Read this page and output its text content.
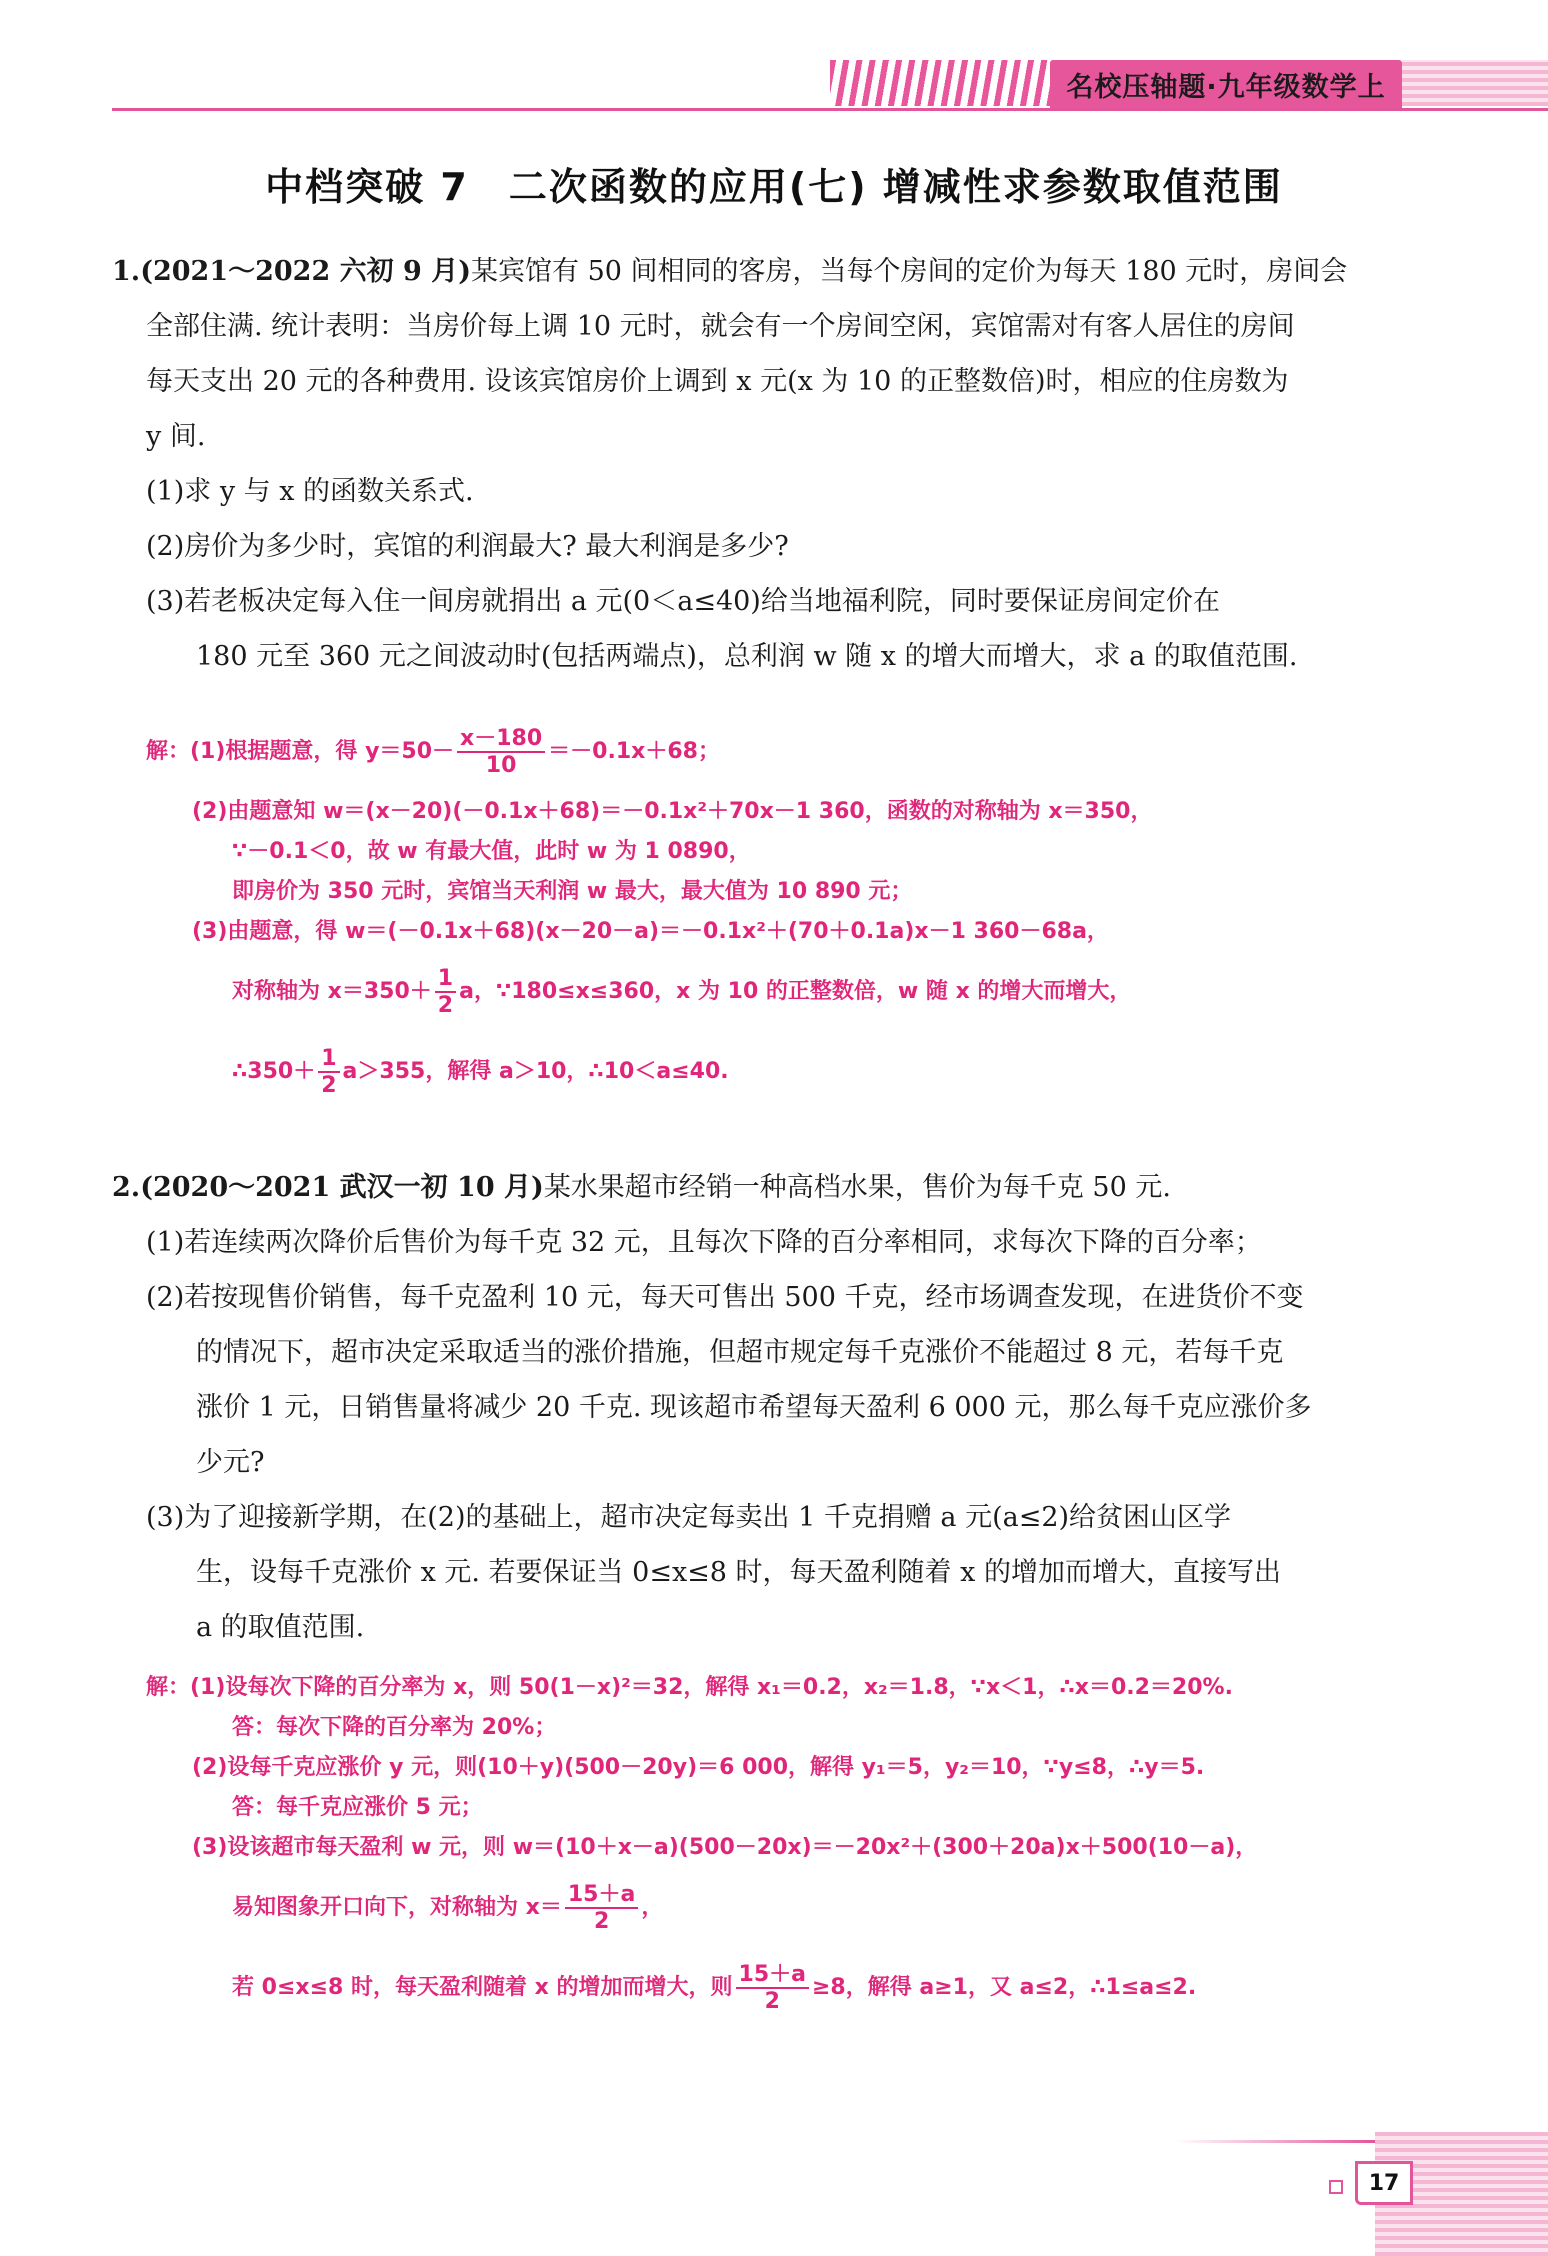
名校压轴题·九年级数学上
中档突破 7 二次函数的应用(七) 增减性求参数取值范围

1.(2021～2022 六初 9 月)某宾馆有 50 间相同的客房，当每个房间的定价为每天 180 元时，房间会

全部住满. 统计表明：当房价每上调 10 元时，就会有一个房间空闲，宾馆需对有客人居住的房间

每天支出 20 元的各种费用. 设该宾馆房价上调到 x 元(x 为 10 的正整数倍)时，相应的住房数为

y 间.

(1)求 y 与 x 的函数关系式.

(2)房价为多少时，宾馆的利润最大? 最大利润是多少?

(3)若老板决定每入住一间房就捐出 a 元(0＜a≤40)给当地福利院，同时要保证房间定价在

180 元至 360 元之间波动时(包括两端点)，总利润 w 随 x 的增大而增大，求 a 的取值范围.

解：(1)根据题意，得 $y=50- \frac{x-180}{10} =-0.1x+68$；

(2)由题意知 w＝(x－20)(－0.1x＋68)＝－0.1x²＋70x－1 360，函数的对称轴为 x＝350，

∵－0.1＜0，故 w 有最大值，此时 w 为 1 0890，

即房价为 350 元时，宾馆当天利润 w 最大，最大值为 10 890 元；

(3)由题意，得 w＝(－0.1x＋68)(x－20－a)＝－0.1x²＋(70＋0.1a)x－1 360－68a，

对称轴为 $x=350+ \frac{1}{2}$ a，∵180≤x≤360，x 为 10 的正整数倍，w 随 x 的增大而增大，

∴350＋ $\frac{1}{2} a>355$，解得 a＞10，∴10＜a≤40.

2.(2020～2021 武汉一初 10 月)某水果超市经销一种高档水果，售价为每千克 50 元.

(1)若连续两次降价后售价为每千克 32 元，且每次下降的百分率相同，求每次下降的百分率；

(2)若按现售价销售，每千克盈利 10 元，每天可售出 500 千克，经市场调查发现，在进货价不变

的情况下，超市决定采取适当的涨价措施，但超市规定每千克涨价不能超过 8 元，若每千克

涨价 1 元，日销售量将减少 20 千克. 现该超市希望每天盈利 6 000 元，那么每千克应涨价多

少元?

(3)为了迎接新学期，在(2)的基础上，超市决定每卖出 1 千克捐赠 a 元(a≤2)给贫困山区学

生，设每千克涨价 x 元. 若要保证当 0≤x≤8 时，每天盈利随着 x 的增加而增大，直接写出

a 的取值范围.

解：(1)设每次下降的百分率为 x，则 50(1－x)²＝32，解得 x₁＝0.2，x₂＝1.8，∵x＜1，∴x＝0.2＝20%.

答：每次下降的百分率为 20%；

(2)设每千克应涨价 y 元，则(10＋y)(500－20y)＝6 000，解得 y₁＝5，y₂＝10，∵y≤8，∴y＝5.

答：每千克应涨价 5 元；

(3)设该超市每天盈利 w 元，则 w＝(10＋x－a)(500－20x)＝－20x²＋(300＋20a)x＋500(10－a)，

易知图象开口向下，对称轴为 $x= \frac{15+a}{2}$ ，

若 0≤x≤8 时，每天盈利随着 x 的增加而增大，则 $\frac{15+a}{2} \ge 8$，解得 a≥1，又 a≤2，∴1≤a≤2.

17
